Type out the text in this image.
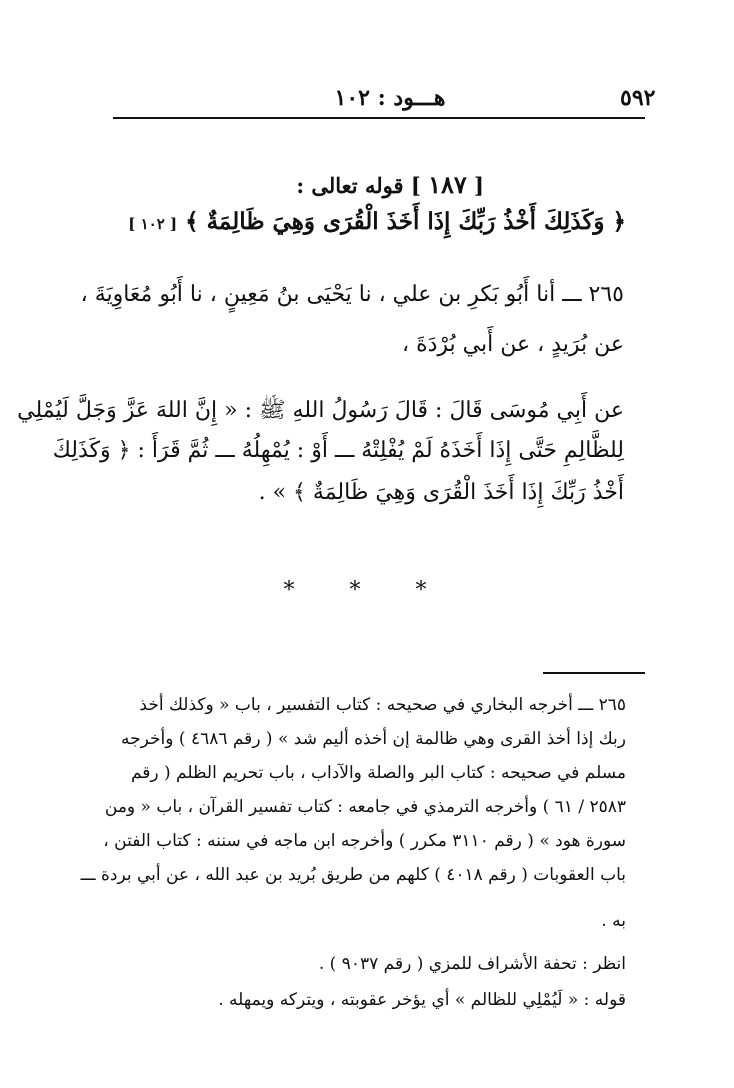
٥٩٢
هـــود : ١٠٢
[ ١٨٧ ] قوله تعالى :
﴿ وَكَذَلِكَ أَخْذُ رَبِّكَ إِذَا أَخَذَ الْقُرَى وَهِيَ ظَالِمَةٌ ﴾ [ ١٠٢ ]
٢٦٥ ـــ أنا أَبُو بَكرِ بن علي ، نا يَحْيَى بنُ مَعِينٍ ، نا أَبُو مُعَاوِيَةَ ،
عن بُرَيدٍ ، عن أَبي بُرْدَةَ ،
عن أَبِي مُوسَى قَالَ : قَالَ رَسُولُ اللهِ ﷺ : « إِنَّ اللهَ عَزَّ وَجَلَّ لَيُمْلِي
لِلظَّالِمِ حَتَّى إِذَا أَخَذَهُ لَمْ يُفْلِتْهُ ـــ أَوْ : يُمْهِلُهُ ـــ ثُمَّ قَرَأَ : ﴿ وَكَذَلِكَ
أَخْذُ رَبِّكَ إِذَا أَخَذَ الْقُرَى وَهِيَ ظَالِمَةٌ ﴾ » .
* * *
٢٦٥ ـــ أخرجه البخاري في صحيحه : كتاب التفسير ، باب « وكذلك أخذ
ربك إذا أخذ القرى وهي ظالمة إن أخذه أليم شد » ( رقم ٤٦٨٦ ) وأخرجه
مسلم في صحيحه : كتاب البر والصلة والآداب ، باب تحريم الظلم ( رقم
٢٥٨٣ / ٦١ ) وأخرجه الترمذي في جامعه : كتاب تفسير القرآن ، باب « ومن
سورة هود » ( رقم ٣١١٠ مكرر ) وأخرجه ابن ماجه في سننه : كتاب الفتن ،
باب العقوبات ( رقم ٤٠١٨ ) كلهم من طريق بُريد بن عبد الله ، عن أبي بردة ـــ
به .
انظر : تحفة الأشراف للمزي ( رقم ٩٠٣٧ ) .
قوله : « لَيُمْلِي للظالم » أي يؤخر عقوبته ، ويتركه ويمهله .
